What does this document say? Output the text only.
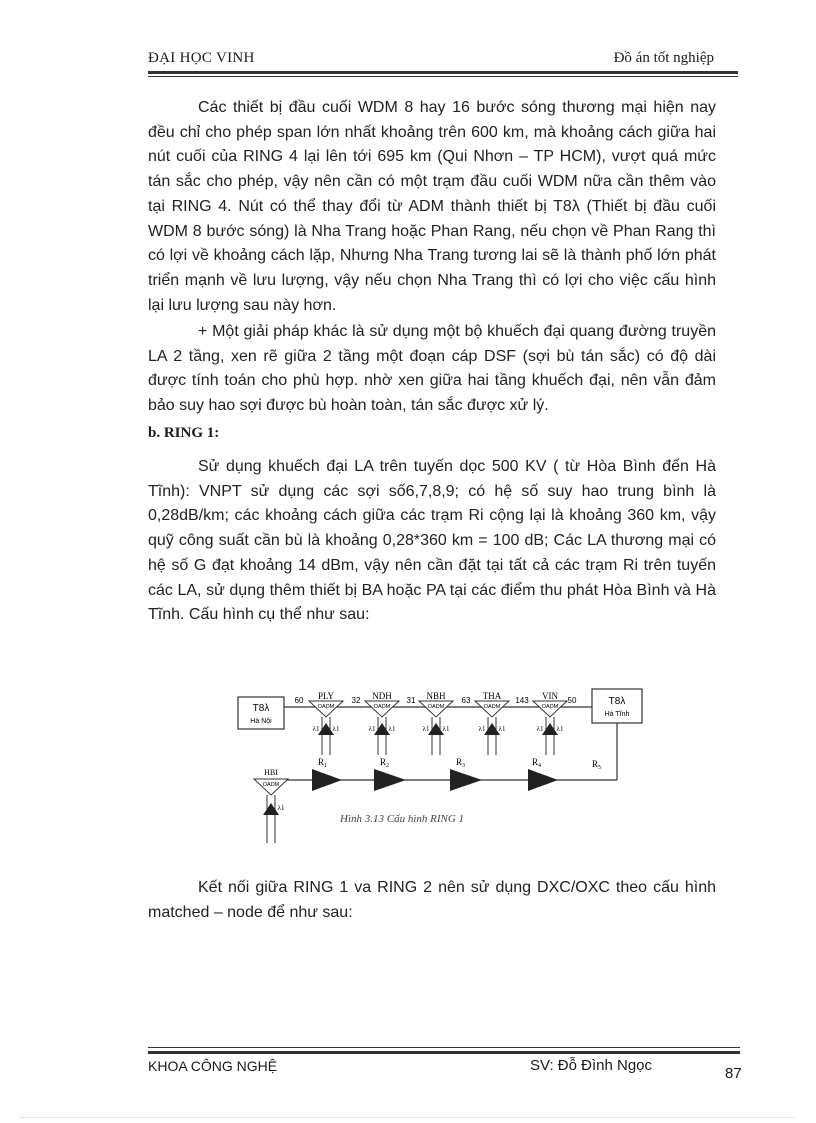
ĐẠI HỌC VINH	Đồ án tốt nghiệp
Các thiết bị đầu cuối WDM 8 hay 16 bước sóng thương mại hiện nay đều chỉ cho phép span lớn nhất khoảng trên 600 km, mà khoảng cách giữa hai nút cuối của RING 4 lại lên tới 695 km (Qui Nhơn – TP HCM), vượt quá mức tán sắc cho phép, vậy nên cần có một trạm đầu cuối WDM nữa cần thêm vào tại RING 4. Nút có thể thay đổi từ ADM thành thiết bị T8λ (Thiết bị đầu cuối WDM 8 bước sóng) là Nha Trang hoặc Phan Rang, nếu chọn về Phan Rang thì có lợi về khoảng cách lặp, Nhưng Nha Trang tương lai sẽ là thành phố lớn phát triển mạnh về lưu lượng, vậy nếu chọn Nha Trang thì có lợi cho việc cấu hình lại lưu lượng sau này hơn.
+ Một giải pháp khác là sử dụng một bộ khuếch đại quang đường truyền LA 2 tầng, xen rẽ giữa 2 tầng một đoạn cáp DSF (sợi bù tán sắc) có độ dài được tính toán cho phù hợp. nhờ xen giữa hai tầng khuếch đại, nên vẫn đảm bảo suy hao sợi được bù hoàn toàn, tán sắc được xử lý.
b. RING 1:
Sử dụng khuếch đại LA trên tuyến dọc 500 KV ( từ Hòa Bình đến Hà Tĩnh): VNPT sử dụng các sợi số6,7,8,9; có hệ số suy hao trung bình là 0,28dB/km; các khoảng cách giữa các trạm Ri cộng lại là khoảng 360 km, vậy quỹ công suất cần bù là khoảng 0,28*360 km = 100 dB; Các LA thương mại có hệ số G đạt khoảng 14 dBm, vậy nên cần đặt tại tất cả các trạm Ri trên tuyến các LA, sử dụng thêm thiết bị BA hoặc PA tại các điểm thu phát Hòa Bình và Hà Tĩnh. Cấu hình cụ thể như sau:
T8λ
Hà Nội
T8λ
Hà Tĩnh
PLY
OADM
60
λ1 λ1
NDH
OADM
32
λ1 λ1
NBH
OADM
31
λ1 λ1
THA
OADM
63
λ1 λ1
VIN
OADM
143
λ1 λ1
50
HBI
OADM
λ1
$R_1$	$R_2$	$R_3$	$R_4$	$R_5$
Hình 3.13 Cấu hình RING 1
Kết nối giữa RING 1 va RING 2 nên sử dụng DXC/OXC theo cấu hình matched – node để như sau:
KHOA CÔNG NGHỆ	SV: Đỗ Đình Ngọc	87
